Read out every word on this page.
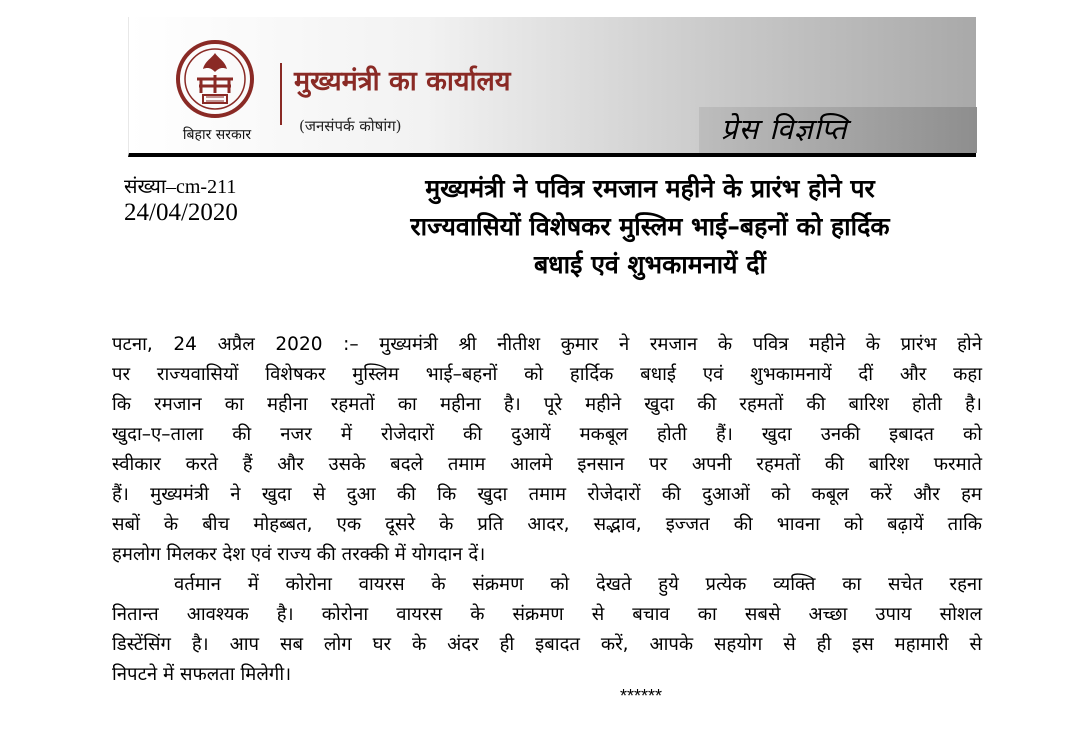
बिहार सरकार
मुख्यमंत्री का कार्यालय
(जनसंपर्क कोषांग)	प्रेस विज्ञप्ति
संख्या–cm-211
24/04/2020
मुख्यमंत्री ने पवित्र रमजान महीने के प्रारंभ होने पर
राज्यवासियों विशेषकर मुस्लिम भाई–बहनों को हार्दिक
बधाई एवं शुभकामनायें दीं
पटना, 24 अप्रैल 2020 :– मुख्यमंत्री श्री नीतीश कुमार ने रमजान के पवित्र महीने के प्रारंभ होने
पर राज्यवासियों विशेषकर मुस्लिम भाई–बहनों को हार्दिक बधाई एवं शुभकामनायें दीं और कहा
कि रमजान का महीना रहमतों का महीना है। पूरे महीने खुदा की रहमतों की बारिश होती है।
खुदा–ए–ताला की नजर में रोजेदारों की दुआयें मकबूल होती हैं। खुदा उनकी इबादत को
स्वीकार करते हैं और उसके बदले तमाम आलमे इनसान पर अपनी रहमतों की बारिश फरमाते
हैं। मुख्यमंत्री ने खुदा से दुआ की कि खुदा तमाम रोजेदारों की दुआओं को कबूल करें और हम
सबों के बीच मोहब्बत, एक दूसरे के प्रति आदर, सद्भाव, इज्जत की भावना को बढ़ायें ताकि
हमलोग मिलकर देश एवं राज्य की तरक्की में योगदान दें।
वर्तमान में कोरोना वायरस के संक्रमण को देखते हुये प्रत्येक व्यक्ति का सचेत रहना
नितान्त आवश्यक है। कोरोना वायरस के संक्रमण से बचाव का सबसे अच्छा उपाय सोशल
डिस्टेंसिंग है। आप सब लोग घर के अंदर ही इबादत करें, आपके सहयोग से ही इस महामारी से
निपटने में सफलता मिलेगी।
******
